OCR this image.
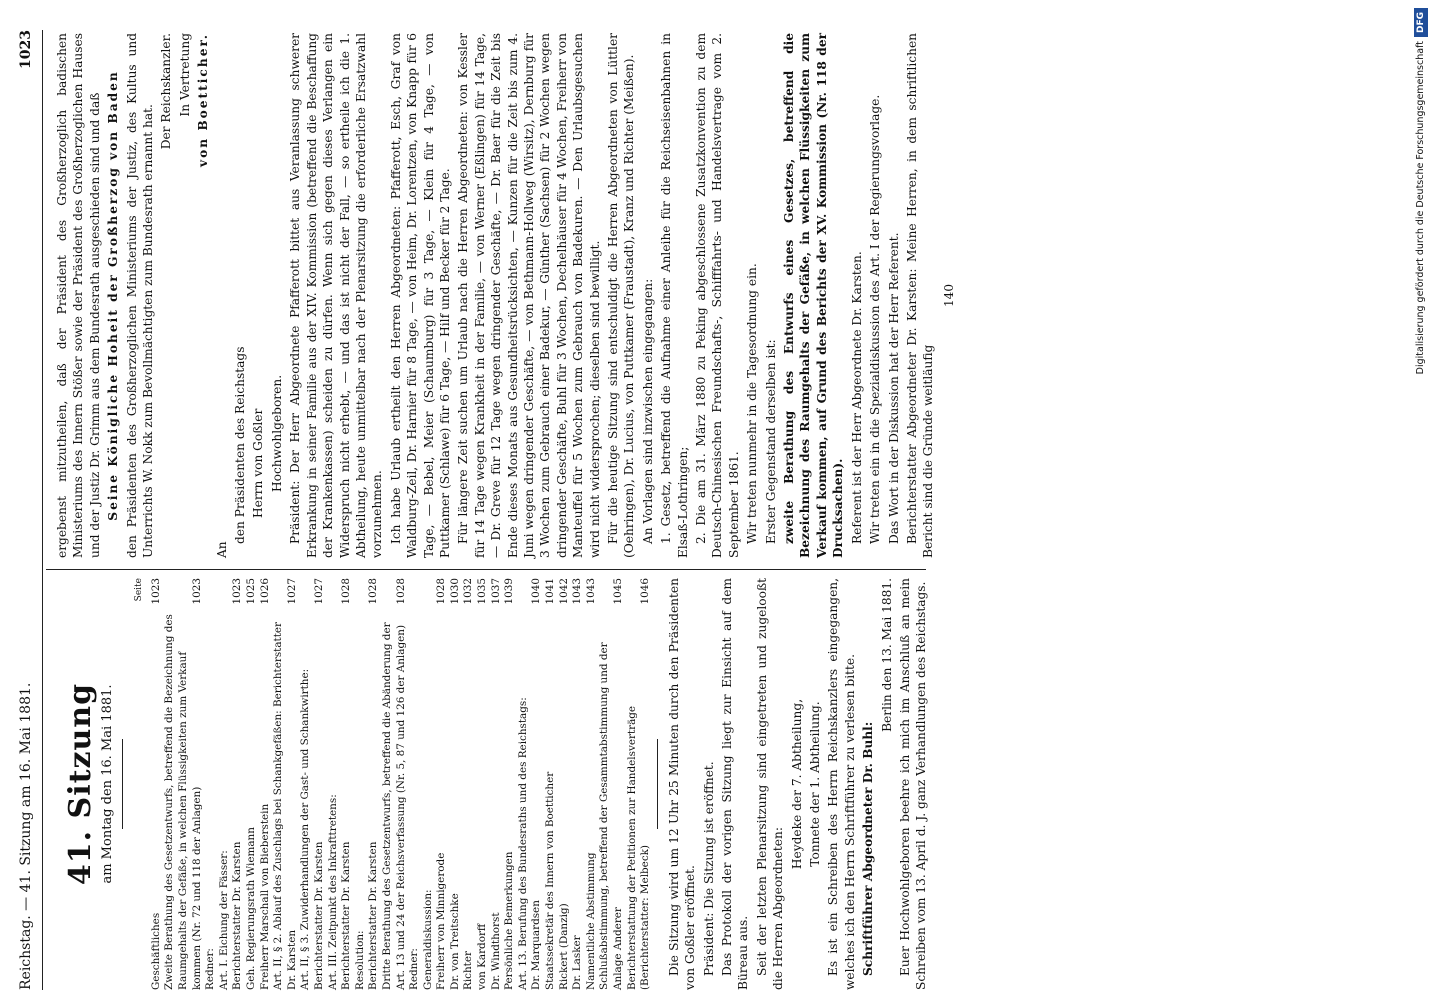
Reichstag. — 41. Sitzung am 16. Mai 1881.
1023
41. Sitzung am Montag den 16. Mai 1881.
Seite
Geschäftliches
1023
Zweite Berathung des Gesetzentwurfs, betreffend die Bezeichnung des Raumgehalts der Gefäße, in welchen Flüssigkeiten zum Verkauf kommen (Nr. 72 und 118 der Anlagen)
1023
Redner: Art. I. Eichung der Fässer: Berichterstatter Dr. Karsten
1023
Geh. Regierungsrath Wiemann
1025
Freiherr Marschall von Bieberstein
1026
Art. II, § 2. Ablauf des Zuschlags bei Schankgefäßen: Berichterstatter Dr. Karsten
1027
Art. II, § 3. Zuwiderhandlungen der Gast- und Schankwirthe: Berichterstatter Dr. Karsten
1027
Art. III. Zeitpunkt des Inkrafttretens: Berichterstatter Dr. Karsten
1028
Resolution: Berichterstatter Dr. Karsten
1028
Dritte Berathung des Gesetzentwurfs, betreffend die Abänderung der Art. 13 und 24 der Reichsverfassung (Nr. 5, 87 und 126 der Anlagen)
1028
Redner: Generaldiskussion: Freiherr von Minnigerode
1028
Dr. von Treitschke
1030
Richter
1032
von Kardorff
1035
Dr. Windthorst
1037
Persönliche Bemerkungen
1039
Art. 13. Berufung des Bundesraths und des Reichstags: Dr. Marquardsen
1040
Staatssekretär des Innern von Boetticher
1041
Rickert (Danzig)
1042
Dr. Lasker
1043
Namentliche Abstimmung
1043
Schlußabstimmung, betreffend der Gesammtabstimmung und der Anlage Anderer
1045
Berichterstattung der Petitionen zur Handelsverträge (Berichterstatter: Melbeck)
1046 Die Sitzung wird um 12 Uhr 25 Minuten durch den Präsidenten von Goßler eröffnet. Präsident: Die Sitzung ist eröffnet. Das Protokoll der vorigen Sitzung liegt zur Einsicht auf dem Büreau aus. Seit der letzten Plenarsitzung sind eingetreten und zugelooßt die Herren Abgeordneten:

Heydeke der 7. Abtheilung, Tonnete der 1. Abtheilung. Es ist ein Schreiben des Herrn Reichskanzlers eingegangen, welches ich den Herrn Schriftführer zu verlesen bitte. Schriftführer Abgeordneter Dr. Buhl:

Berlin den 13. Mai 1881. Euer Hochwohlgeboren beehre ich mich im Anschluß an mein Schreiben vom 13. April d. J. ganz Verhandlungen des Reichstags.

ergebenst mitzutheilen, daß der Präsident des Großherzoglich badischen Ministeriums des Innern Stößer sowie der Präsident des Großherzoglichen Hauses und der Justiz Dr. Grimm aus dem Bundesrath ausgeschieden sind und daß Seine Königliche Hoheit der Großherzog von Baden den Präsidenten des Großherzoglichen Ministeriums der Justiz, des Kultus und Unterrichts W. Nokk zum Bevollmächtigten zum Bundesrath ernannt hat.

Der Reichskanzler. In Vertretung von Boetticher.

An

den Präsidenten des Reichstags Herrn von Goßler Hochwohlgeboren. Präsident: Der Herr Abgeordnete Pfafferott bittet aus Veranlassung schwerer Erkrankung in seiner Familie aus der XIV. Kommission (betreffend die Beschaffung der Krankenkassen) scheiden zu dürfen. Wenn sich gegen dieses Verlangen ein Widerspruch nicht erhebt, — und das ist nicht der Fall, — so ertheile ich die 1. Abtheilung, heute unmittelbar nach der Plenarsitzung die erforderliche Ersatzwahl vorzunehmen. Ich habe Urlaub ertheilt den Herren Abgeordneten: Pfafferott, Esch, Graf von Waldburg-Zeil, Dr. Harnier für 8 Tage, — von Heim, Dr. Lorentzen, von Knapp für 6 Tage, — Bebel, Meier (Schaumburg) für 3 Tage, — Klein für 4 Tage, — von Puttkamer (Schlawe) für 6 Tage, — Hilf und Becker für 2 Tage. Für längere Zeit suchen um Urlaub nach die Herren Abgeordneten: von Kessler für 14 Tage wegen Krankheit in der Familie, — von Werner (Eßlingen) für 14 Tage, — Dr. Greve für 12 Tage wegen dringender Geschäfte, — Dr. Baer für die Zeit bis Ende dieses Monats aus Gesundheitsrücksichten, — Kunzen für die Zeit bis zum 4. Juni wegen dringender Geschäfte, — von Bethmann-Hollweg (Wirsitz), Dernburg für 3 Wochen zum Gebrauch einer Badekur, — Günther (Sachsen) für 2 Wochen wegen dringender Geschäfte, Buhl für 3 Wochen, Dechelhäuser für 4 Wochen, Freiherr von Manteuffel für 5 Wochen zum Gebrauch von Badekuren. — Den Urlaubsgesuchen wird nicht widersprochen; dieselben sind bewilligt. Für die heutige Sitzung sind entschuldigt die Herren Abgeordneten von Lüttler (Oehringen), Dr. Lucius, von Puttkamer (Fraustadt), Kranz und Richter (Meißen). An Vorlagen sind inzwischen eingegangen: 1. Gesetz, betreffend die Aufnahme einer Anleihe für die Reichseisenbahnen in Elsaß-Lothringen; 2. Die am 31. März 1880 zu Peking abgeschlossene Zusatzkonvention zu dem Deutsch-Chinesischen Freundschafts-, Schifffahrts- und Handelsvertrage vom 2. September 1861. Wir treten nunmehr in die Tagesordnung ein. Erster Gegenstand derselben ist: zweite Berathung des Entwurfs eines Gesetzes, betreffend die Bezeichnung des Raumgehalts der Gefäße, in welchen Flüssigkeiten zum Verkauf kommen, auf Grund des Berichts der XV. Kommission (Nr. 118 der Drucksachen). Referent ist der Herr Abgeordnete Dr. Karsten. Wir treten ein in die Spezialdiskussion des Art. I der Regierungsvorlage. Das Wort in der Diskussion hat der Herr Referent. Berichterstatter Abgeordneter Dr. Karsten: Meine Herren, in dem schriftlichen Bericht sind die Gründe weitläufig

140	Digitalisierung gefördert durch die Deutsche ForschungsgemeinschaftDFG
